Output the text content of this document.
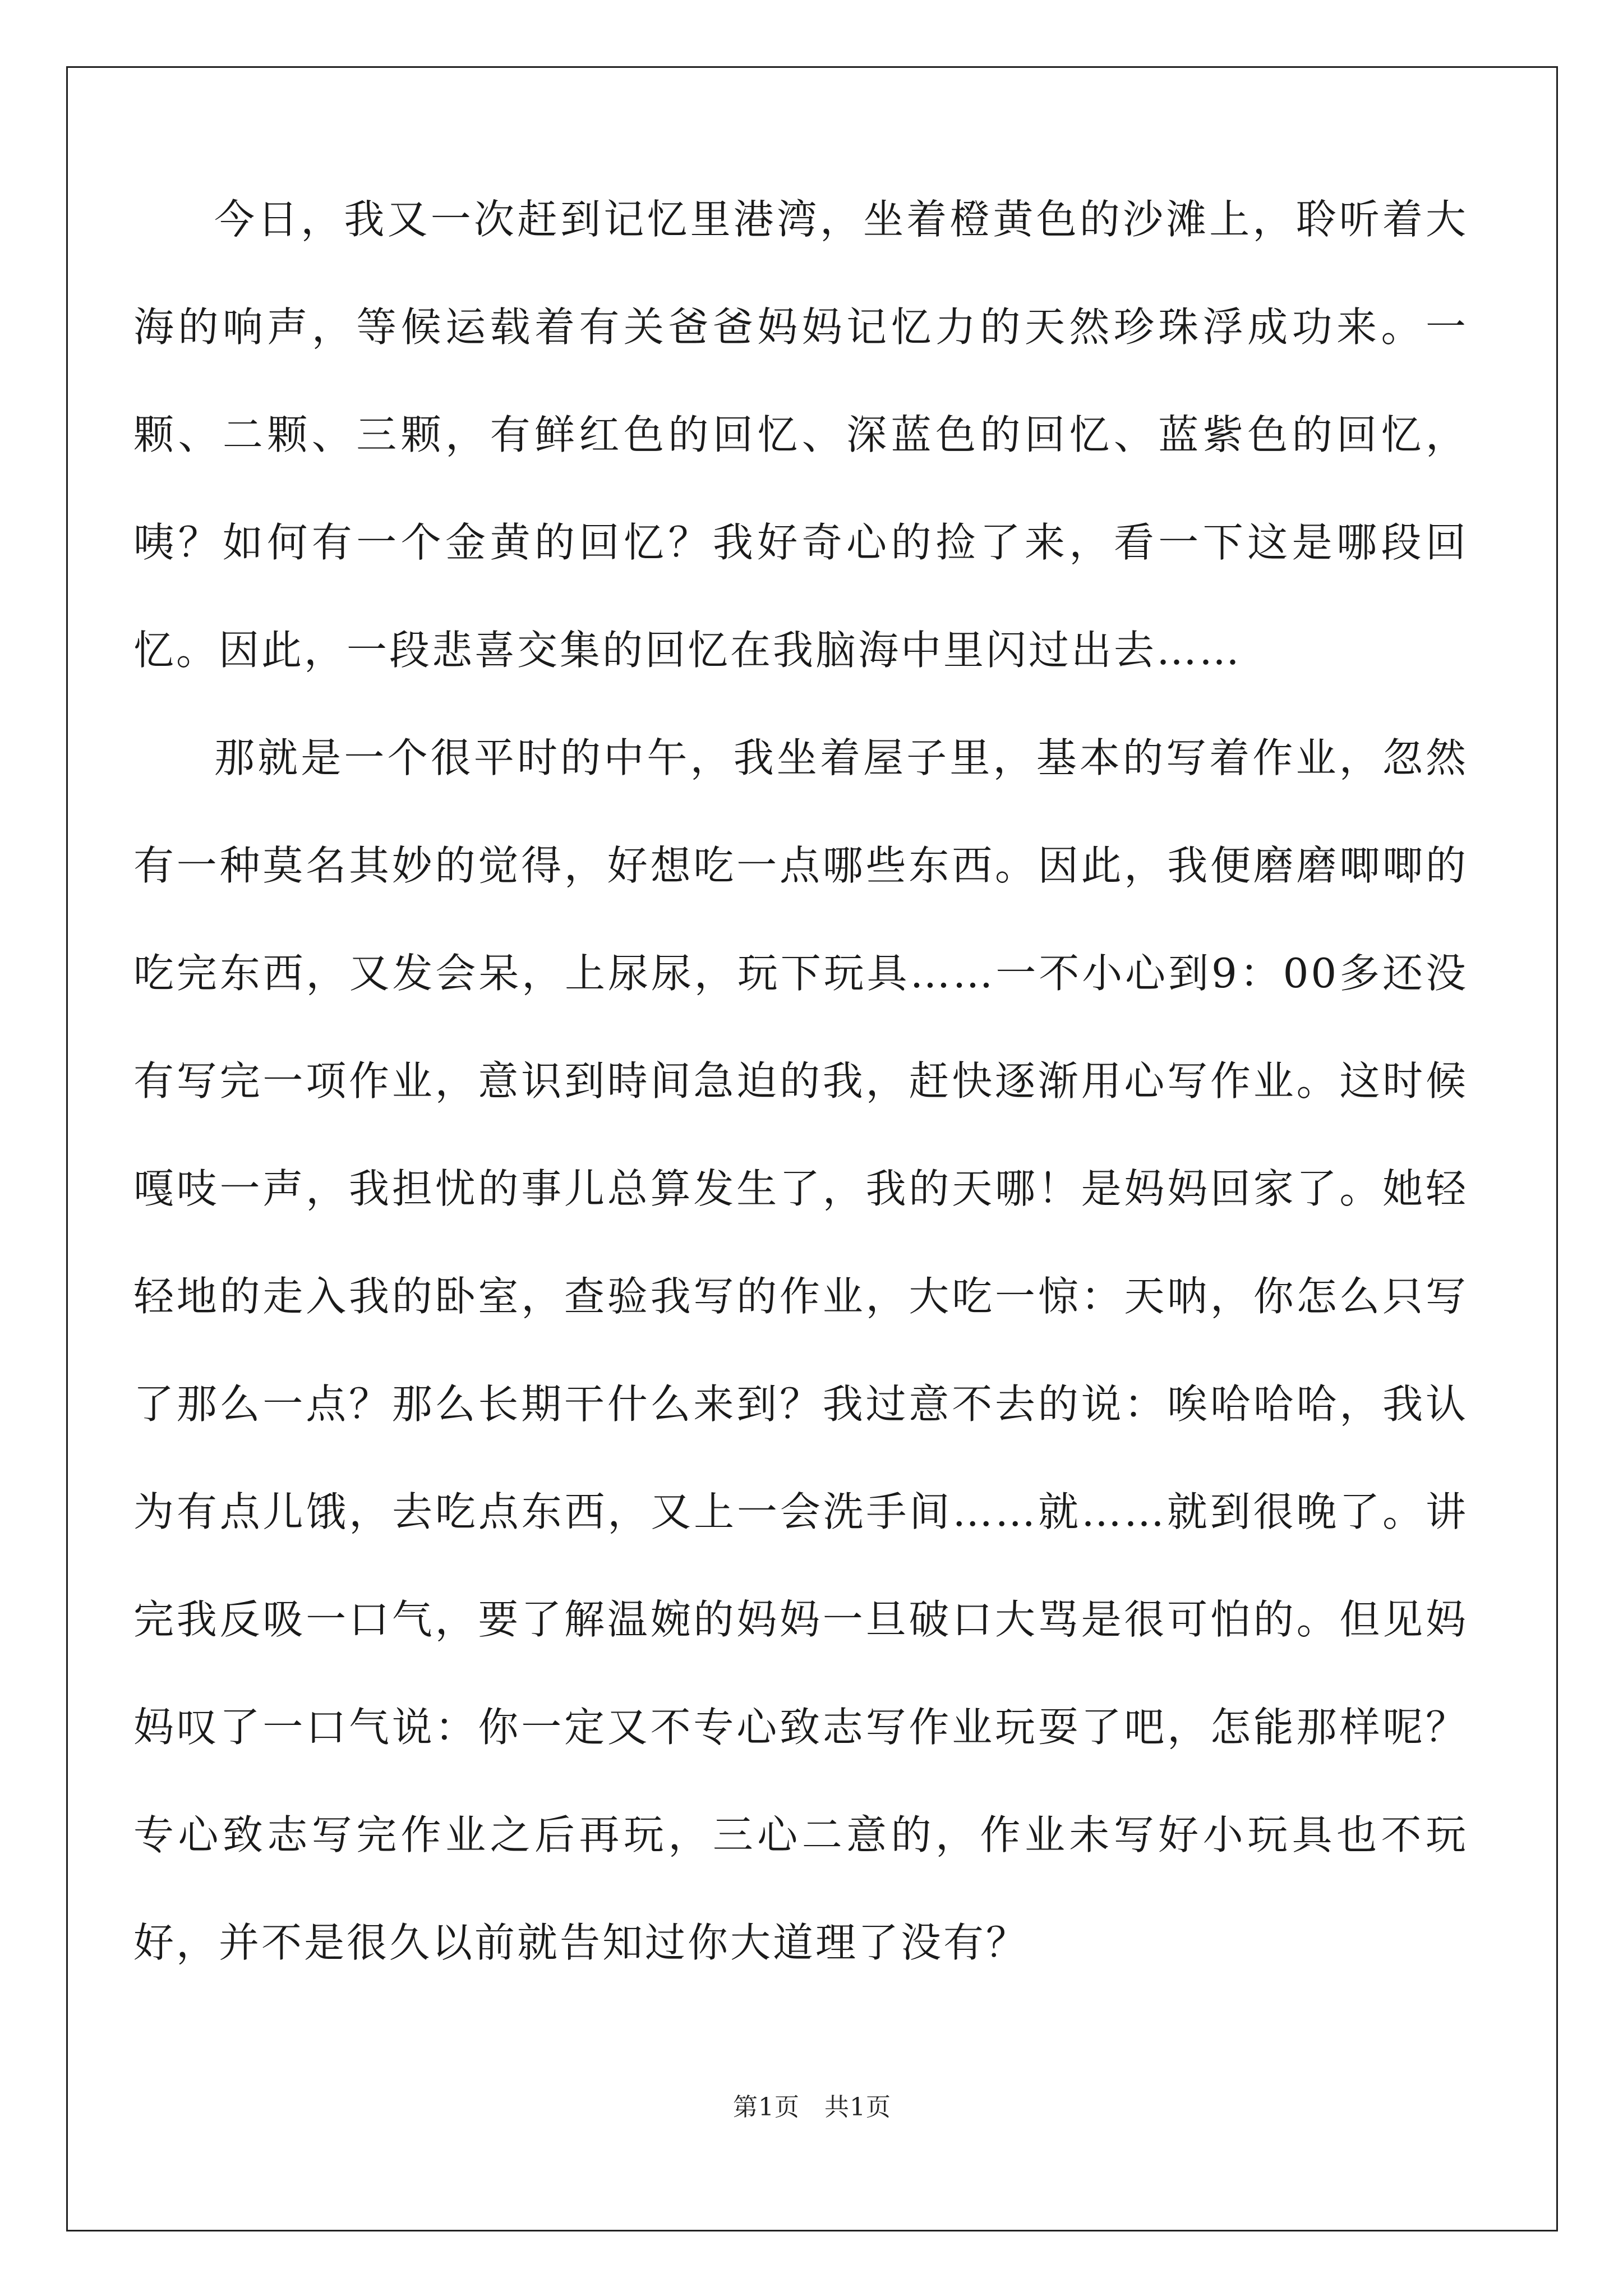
今日，我又一次赶到记忆里港湾，坐着橙黄色的沙滩上，聆听着大海的响声，等候运载着有关爸爸妈妈记忆力的天然珍珠浮成功来。一颗、二颗、三颗，有鲜红色的回忆、深蓝色的回忆、蓝紫色的回忆，咦？如何有一个金黄的回忆？我好奇心的捡了来，看一下这是哪段回忆。因此，一段悲喜交集的回忆在我脑海中里闪过出去……

那就是一个很平时的中午，我坐着屋子里，基本的写着作业，忽然有一种莫名其妙的觉得，好想吃一点哪些东西。因此，我便磨磨唧唧的吃完东西，又发会呆，上尿尿，玩下玩具……一不小心到9：00多还没有写完一项作业，意识到時间急迫的我，赶快逐渐用心写作业。这时候嘎吱一声，我担忧的事儿总算发生了，我的天哪！是妈妈回家了。她轻轻地的走入我的卧室，查验我写的作业，大吃一惊：天呐，你怎么只写了那么一点？那么长期干什么来到？我过意不去的说：唉哈哈哈，我认为有点儿饿，去吃点东西，又上一会洗手间……就……就到很晚了。讲完我反吸一口气，要了解温婉的妈妈一旦破口大骂是很可怕的。但见妈妈叹了一口气说：你一定又不专心致志写作业玩耍了吧，怎能那样呢？专心致志写完作业之后再玩，三心二意的，作业未写好小玩具也不玩好，并不是很久以前就告知过你大道理了没有？

第1页 共1页
